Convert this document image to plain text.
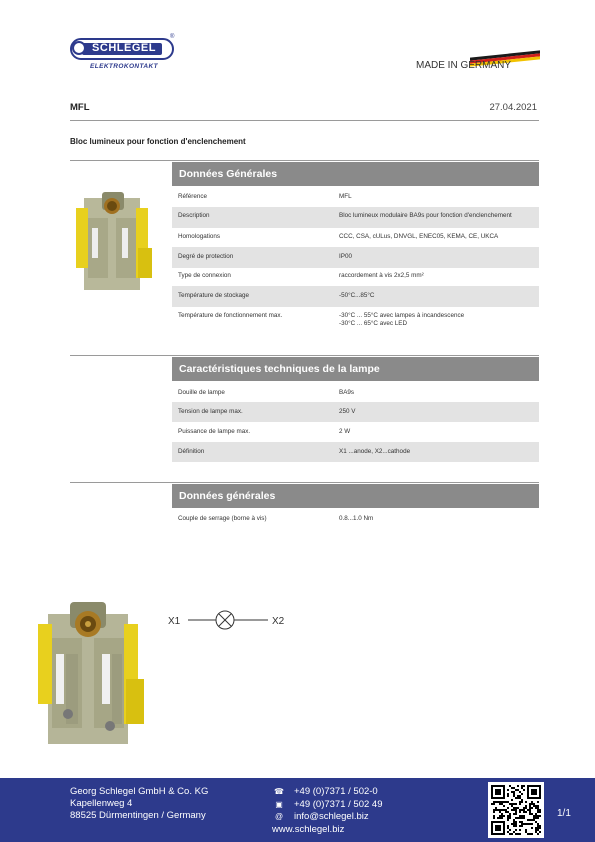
SCHLEGEL
®
ELEKTROKONTAKT	MADE IN GERMANY
MFL	27.04.2021
Bloc lumineux pour fonction d'enclenchement
Données Générales
Référence	MFL
Description	Bloc lumineux modulaire BA9s pour fonction d'enclenchement
Homologations	CCC, CSA, cULus, DNVGL, ENEC05, KEMA, CE, UKCA
Degré de protection	IP00
Type de connexion	raccordement à vis 2x2,5 mm²
Température de stockage	-50°C...85°C
Température de fonctionnement max.	-30°C ... 55°C avec lampes à incandescence
-30°C ... 65°C avec LED
Caractéristiques techniques de la lampe
Douille de lampe	BA9s
Tension de lampe max.	250 V
Puissance de lampe max.	2 W
Définition	X1 ...anode, X2...cathode
Données générales
Couple de serrage (borne à vis)	0.8...1.0 Nm
X1	X2
Georg Schlegel GmbH & Co. KG
Kapellenweg 4
88525 Dürmentingen / Germany
☎ +49 (0)7371 / 502-0
▣	+49 (0)7371 / 502 49
@	info@schlegel.biz
www.schlegel.biz
1/1
